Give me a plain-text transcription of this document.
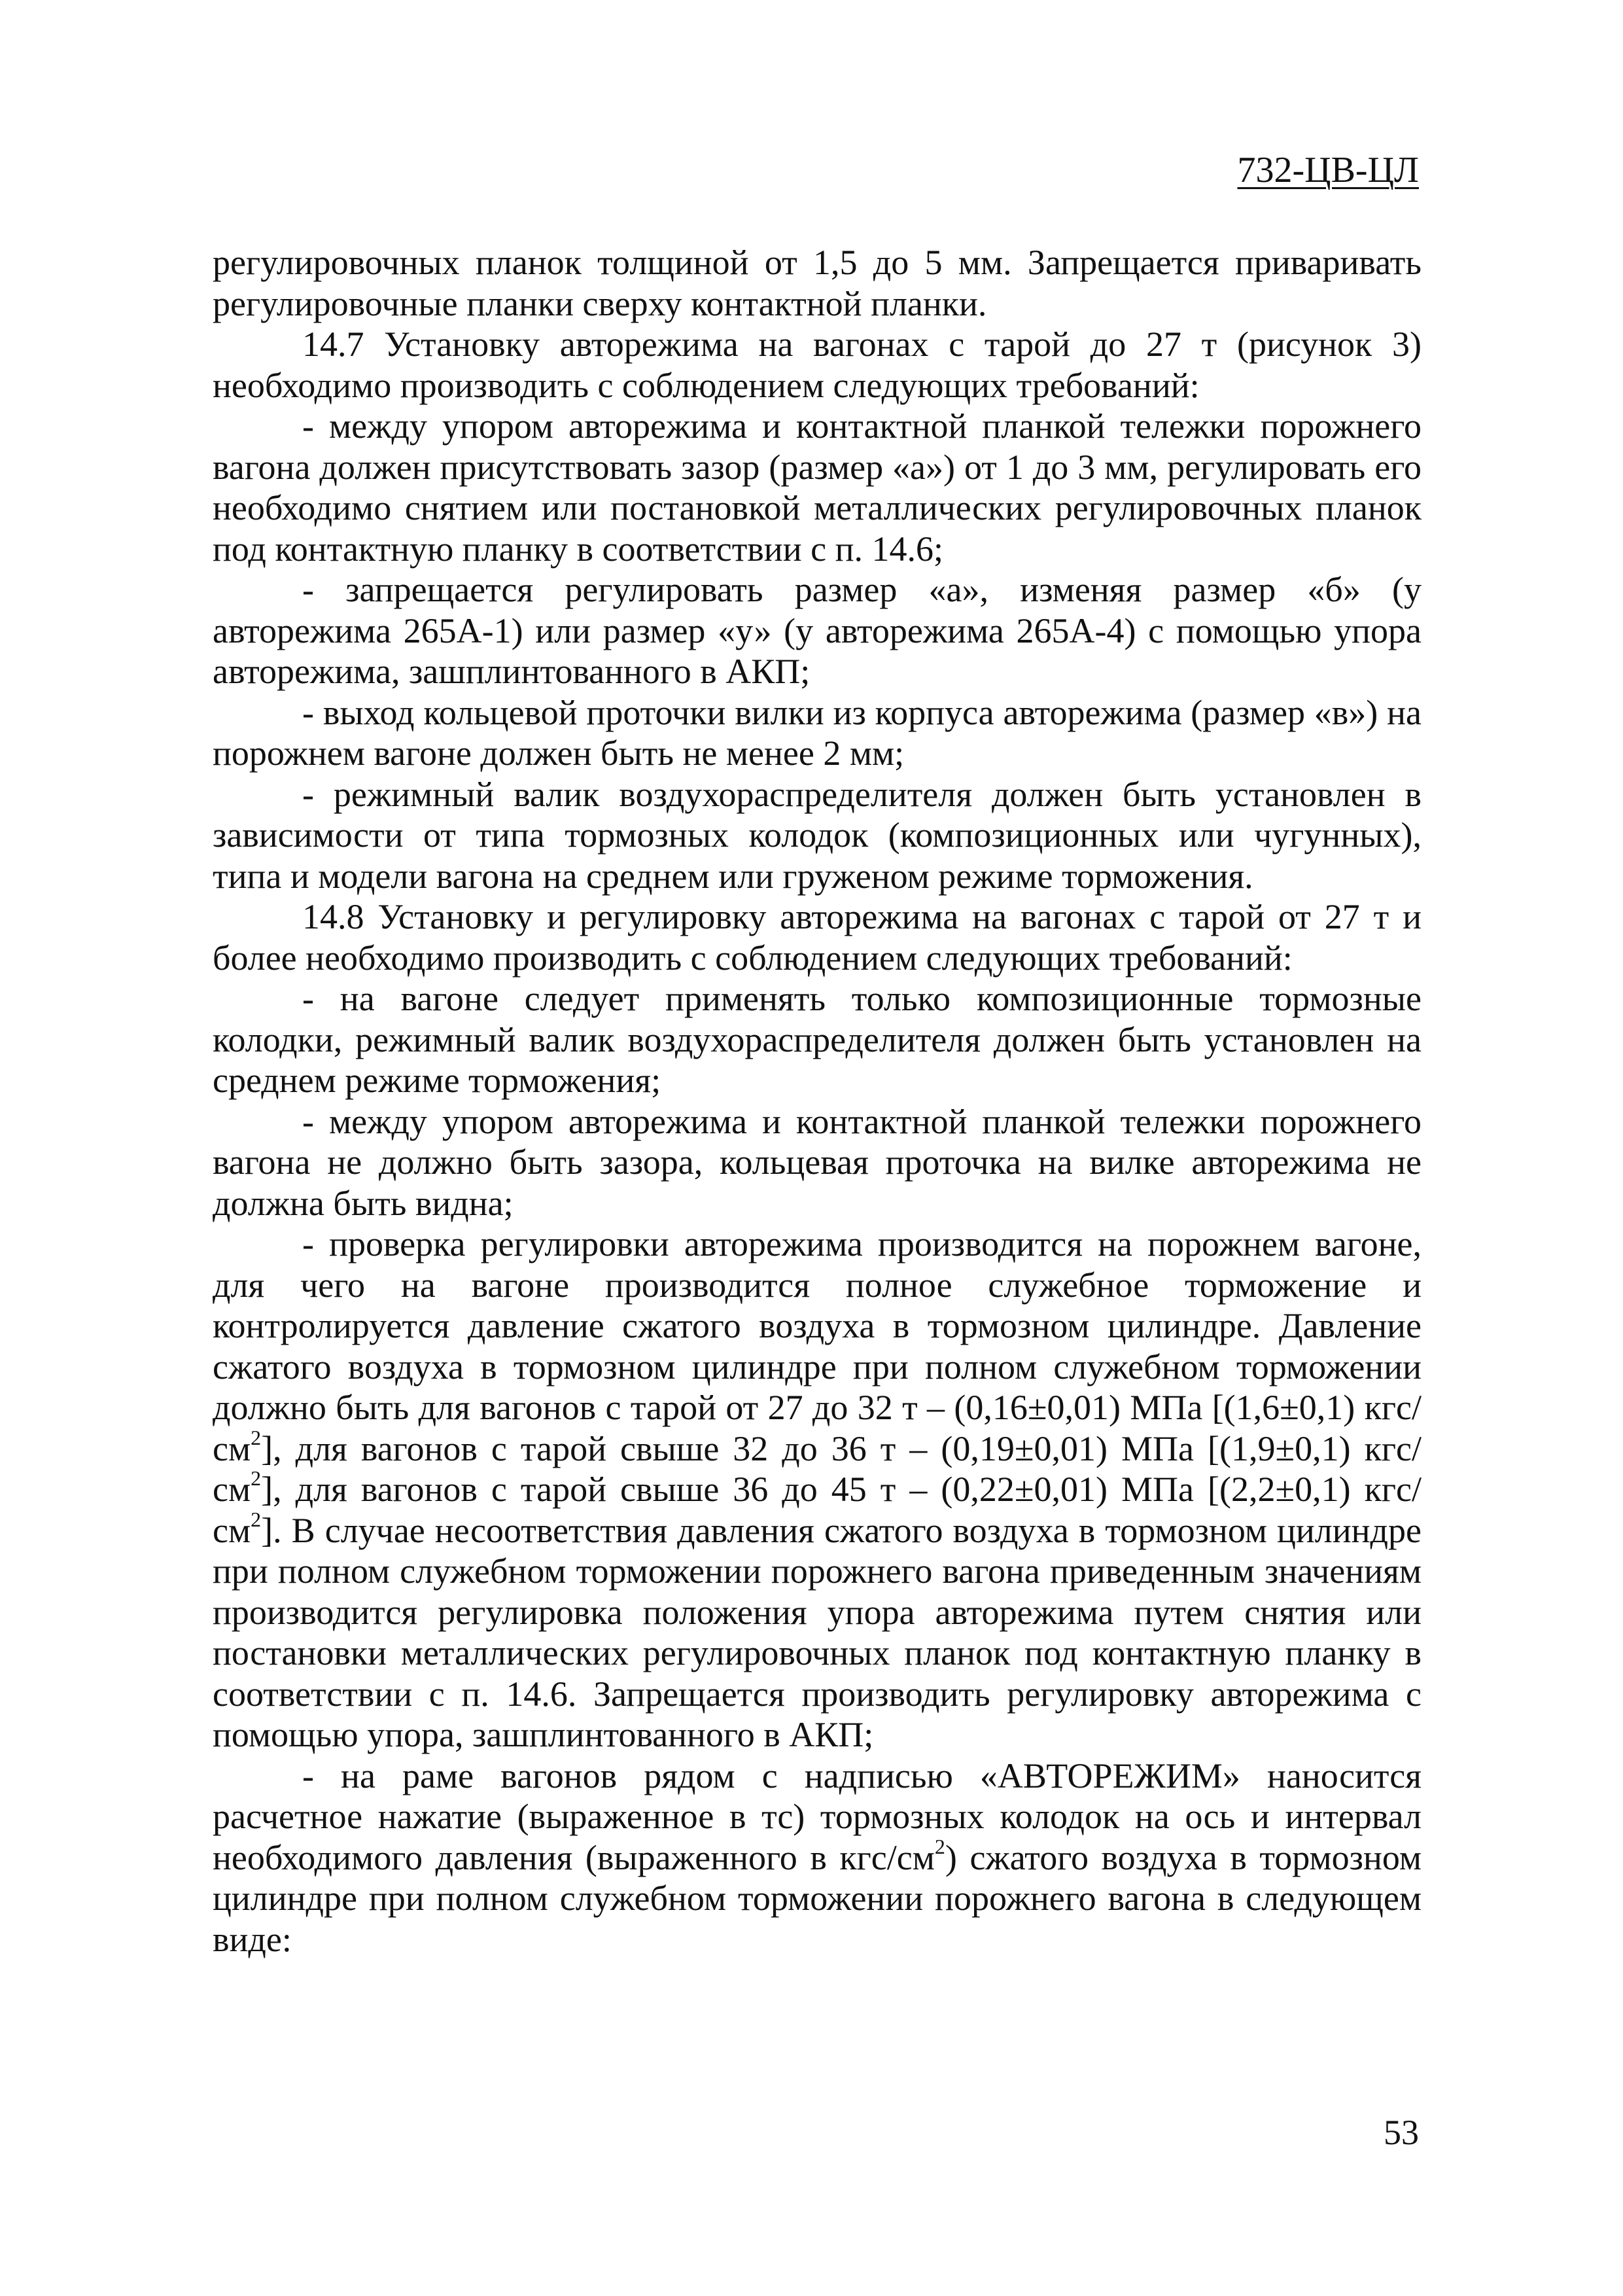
732-ЦВ-ЦЛ

регулировочных планок толщиной от 1,5 до 5 мм. Запрещается приваривать регулировочные планки сверху контактной планки.

14.7 Установку авторежима на вагонах с тарой до 27 т (рисунок 3) необходимо производить с соблюдением следующих требований:

- между упором авторежима и контактной планкой тележки порожнего вагона должен присутствовать зазор (размер «а») от 1 до 3 мм, регулировать его необходимо снятием или постановкой металлических регулировочных планок под контактную планку в соответствии с п. 14.6;

- запрещается регулировать размер «а», изменяя размер «б» (у авторежима 265А-1) или размер «у» (у авторежима 265А-4) с помощью упора авторежима, зашплинтованного в АКП;

- выход кольцевой проточки вилки из корпуса авторежима (размер «в») на порожнем вагоне должен быть не менее 2 мм;

- режимный валик воздухораспределителя должен быть установлен в зависимости от типа тормозных колодок (композиционных или чугунных), типа и модели вагона на среднем или груженом режиме торможения.

14.8 Установку и регулировку авторежима на вагонах с тарой от 27 т и более необходимо производить с соблюдением следующих требований:

- на вагоне следует применять только композиционные тормозные колодки, режимный валик воздухораспределителя должен быть установлен на среднем режиме торможения;

- между упором авторежима и контактной планкой тележки порожнего вагона не должно быть зазора, кольцевая проточка на вилке авторежима не должна быть видна;

- проверка регулировки авторежима производится на порожнем вагоне, для чего на вагоне производится полное служебное торможение и контролируется давление сжатого воздуха в тормозном цилиндре. Давление сжатого воздуха в тормозном цилиндре при полном служебном торможении должно быть для вагонов с тарой от 27 до 32 т – (0,16±0,01) МПа [(1,6±0,1) кгс/$см^2$], для вагонов с тарой свыше 32 до 36 т – (0,19±0,01) МПа [(1,9±0,1) кгс/$см^2$], для вагонов с тарой свыше 36 до 45 т – (0,22±0,01) МПа [(2,2±0,1) кгс/$см^2$]. В случае несоответствия давления сжатого воздуха в тормозном цилиндре при полном служебном торможении порожнего вагона приведенным значениям производится регулировка положения упора авторежима путем снятия или постановки металлических регулировочных планок под контактную планку в соответствии с п. 14.6. Запрещается производить регулировку авторежима с помощью упора, зашплинтованного в АКП;

- на раме вагонов рядом с надписью «АВТОРЕЖИМ» наносится расчетное нажатие (выраженное в тс) тормозных колодок на ось и интервал необходимого давления (выраженного в кгс/$см^2$) сжатого воздуха в тормозном цилиндре при полном служебном торможении порожнего вагона в следующем виде:

53
